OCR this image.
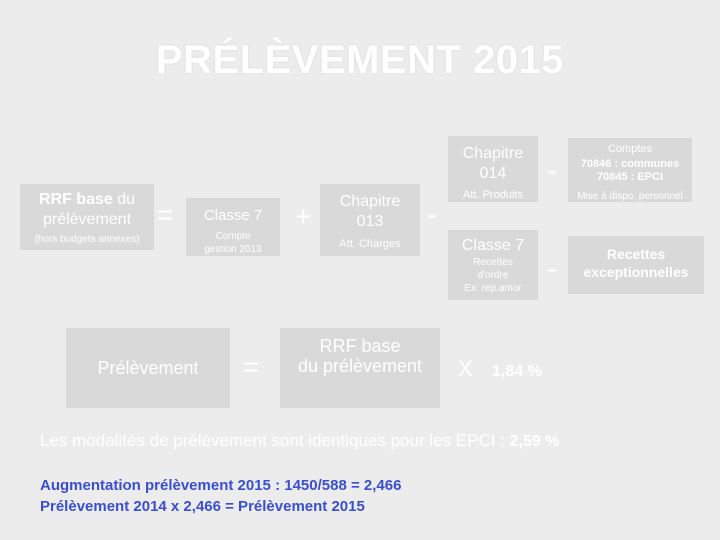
PRÉLÈVEMENT 2015
RRF base du prélèvement
(hors budgets annexes)
=	Classe 7
Compte gestion 2013
+	Chapitre 013
Att. Charges
-
Chapitre 014
Att. Produits
-
Comptes
70846 : communes
70845 : EPCI
Mise à dispo. personnel
Classe 7
Recettes
d'ordre
Ex: rep.amor
-	Recettes exceptionnelles
Prélèvement	=
RRF base
du prélèvement	X 1,84 %
Les modalités de prélèvement sont identiques pour les EPCI : 2,59 %
Augmentation prélèvement 2015 : 1450/588 = 2,466
Prélèvement 2014 x 2,466 = Prélèvement 2015
